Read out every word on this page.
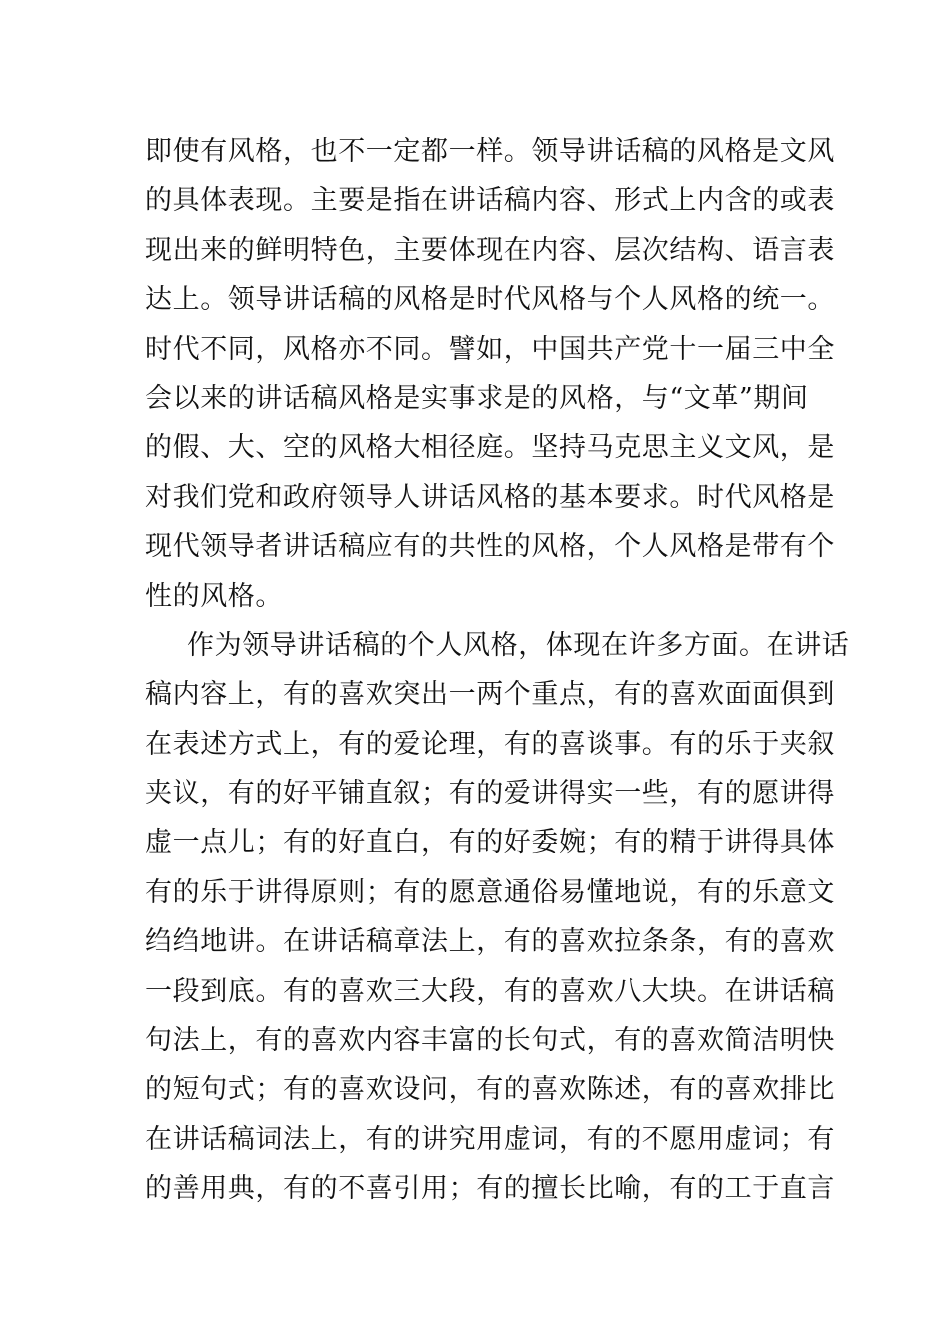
即使有风格，也不一定都一样。领导讲话稿的风格是文风
的具体表现。主要是指在讲话稿内容、形式上内含的或表
现出来的鲜明特色，主要体现在内容、层次结构、语言表
达上。领导讲话稿的风格是时代风格与个人风格的统一。
时代不同，风格亦不同。譬如，中国共产党十一届三中全
会以来的讲话稿风格是实事求是的风格，与“文革”期间
的假、大、空的风格大相径庭。坚持马克思主义文风，是
对我们党和政府领导人讲话风格的基本要求。时代风格是
现代领导者讲话稿应有的共性的风格，个人风格是带有个
性的风格。
作为领导讲话稿的个人风格，体现在许多方面。在讲话
稿内容上，有的喜欢突出一两个重点，有的喜欢面面俱到
在表述方式上，有的爱论理，有的喜谈事。有的乐于夹叙
夹议，有的好平铺直叙；有的爱讲得实一些，有的愿讲得
虚一点儿；有的好直白，有的好委婉；有的精于讲得具体
有的乐于讲得原则；有的愿意通俗易懂地说，有的乐意文
绉绉地讲。在讲话稿章法上，有的喜欢拉条条，有的喜欢
一段到底。有的喜欢三大段，有的喜欢八大块。在讲话稿
句法上，有的喜欢内容丰富的长句式，有的喜欢简洁明快
的短句式；有的喜欢设问，有的喜欢陈述，有的喜欢排比
在讲话稿词法上，有的讲究用虚词，有的不愿用虚词；有
的善用典，有的不喜引用；有的擅长比喻，有的工于直言
